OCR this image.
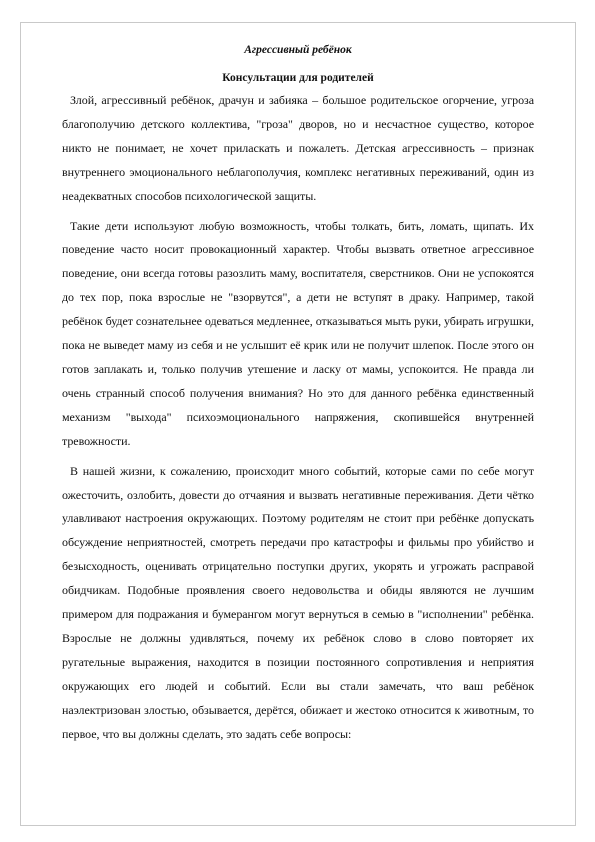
Агрессивный ребёнок
Консультации для родителей

Злой, агрессивный ребёнок, драчун и забияка – большое родительское огорчение, угроза благополучию детского коллектива, "гроза" дворов, но и несчастное существо, которое никто не понимает, не хочет приласкать и пожалеть. Детская агрессивность – признак внутреннего эмоционального неблагополучия, комплекс негативных переживаний, один из неадекватных способов психологической защиты.

Такие дети используют любую возможность, чтобы толкать, бить, ломать, щипать. Их поведение часто носит провокационный характер. Чтобы вызвать ответное агрессивное поведение, они всегда готовы разозлить маму, воспитателя, сверстников. Они не успокоятся до тех пор, пока взрослые не "взорвутся", а дети не вступят в драку. Например, такой ребёнок будет сознательнее одеваться медленнее, отказываться мыть руки, убирать игрушки, пока не выведет маму из себя и не услышит её крик или не получит шлепок. После этого он готов заплакать и, только получив утешение и ласку от мамы, успокоится. Не правда ли очень странный способ получения внимания? Но это для данного ребёнка единственный механизм "выхода" психоэмоционального напряжения, скопившейся внутренней тревожности.

В нашей жизни, к сожалению, происходит много событий, которые сами по себе могут ожесточить, озлобить, довести до отчаяния и вызвать негативные переживания. Дети чётко улавливают настроения окружающих. Поэтому родителям не стоит при ребёнке допускать обсуждение неприятностей, смотреть передачи про катастрофы и фильмы про убийство и безысходность, оценивать отрицательно поступки других, укорять и угрожать расправой обидчикам. Подобные проявления своего недовольства и обиды являются не лучшим примером для подражания и бумерангом могут вернуться в семью в "исполнении" ребёнка. Взрослые не должны удивляться, почему их ребёнок слово в слово повторяет их ругательные выражения, находится в позиции постоянного сопротивления и неприятия окружающих его людей и событий. Если вы стали замечать, что ваш ребёнок наэлектризован злостью, обзывается, дерётся, обижает и жестоко относится к животным, то первое, что вы должны сделать, это задать себе вопросы:
